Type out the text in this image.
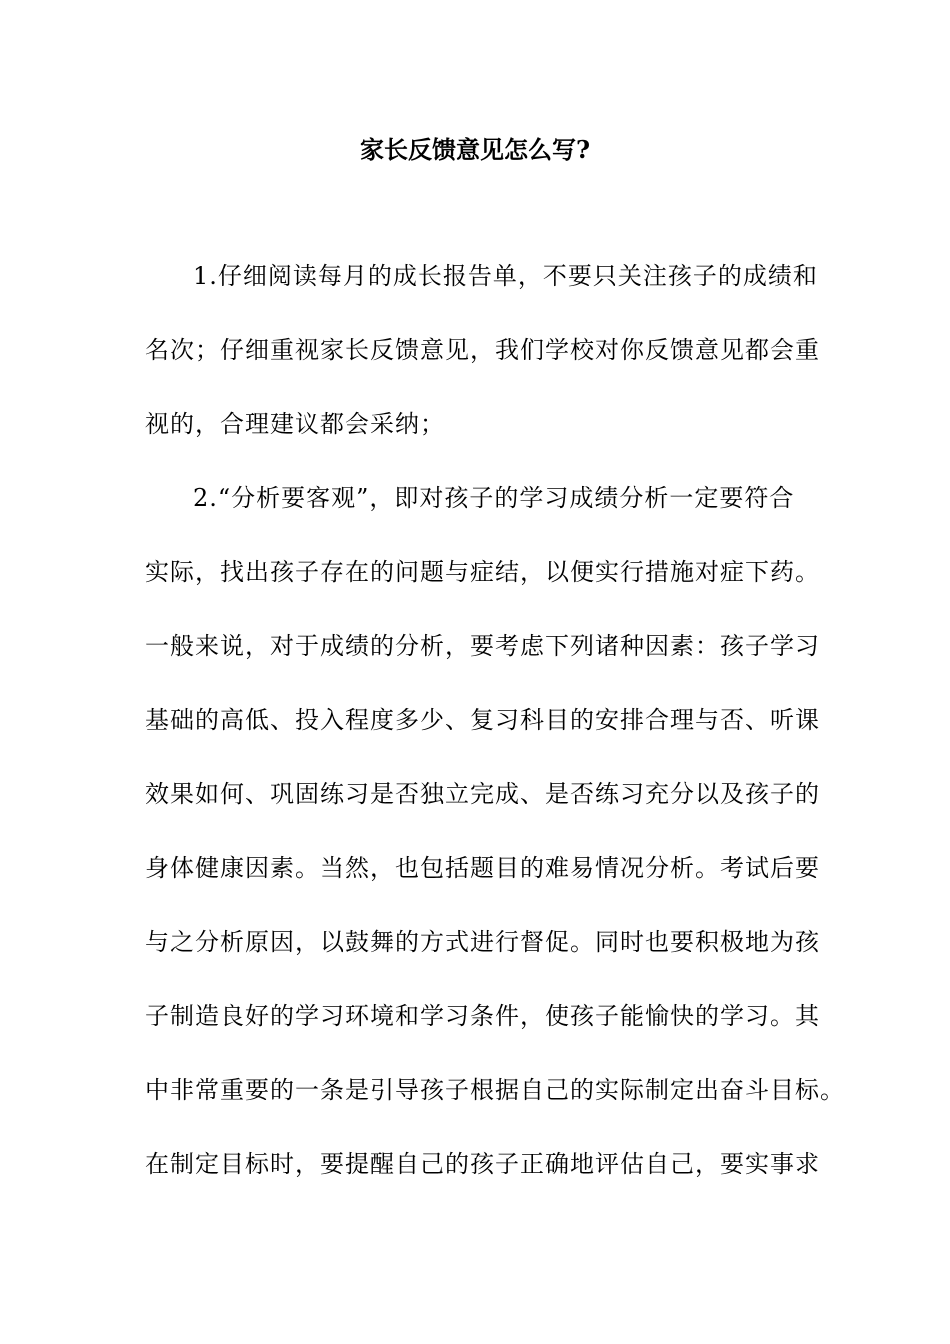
家长反馈意见怎么写?
1.仔细阅读每月的成长报告单，不要只关注孩子的成绩和
名次；仔细重视家长反馈意见，我们学校对你反馈意见都会重
视的，合理建议都会采纳；
2.“分析要客观”，即对孩子的学习成绩分析一定要符合
实际，找出孩子存在的问题与症结，以便实行措施对症下药。
一般来说，对于成绩的分析，要考虑下列诸种因素：孩子学习
基础的高低、投入程度多少、复习科目的安排合理与否、听课
效果如何、巩固练习是否独立完成、是否练习充分以及孩子的
身体健康因素。当然，也包括题目的难易情况分析。考试后要
与之分析原因，以鼓舞的方式进行督促。同时也要积极地为孩
子制造良好的学习环境和学习条件，使孩子能愉快的学习。其
中非常重要的一条是引导孩子根据自己的实际制定出奋斗目标。
在制定目标时，要提醒自己的孩子正确地评估自己，要实事求
